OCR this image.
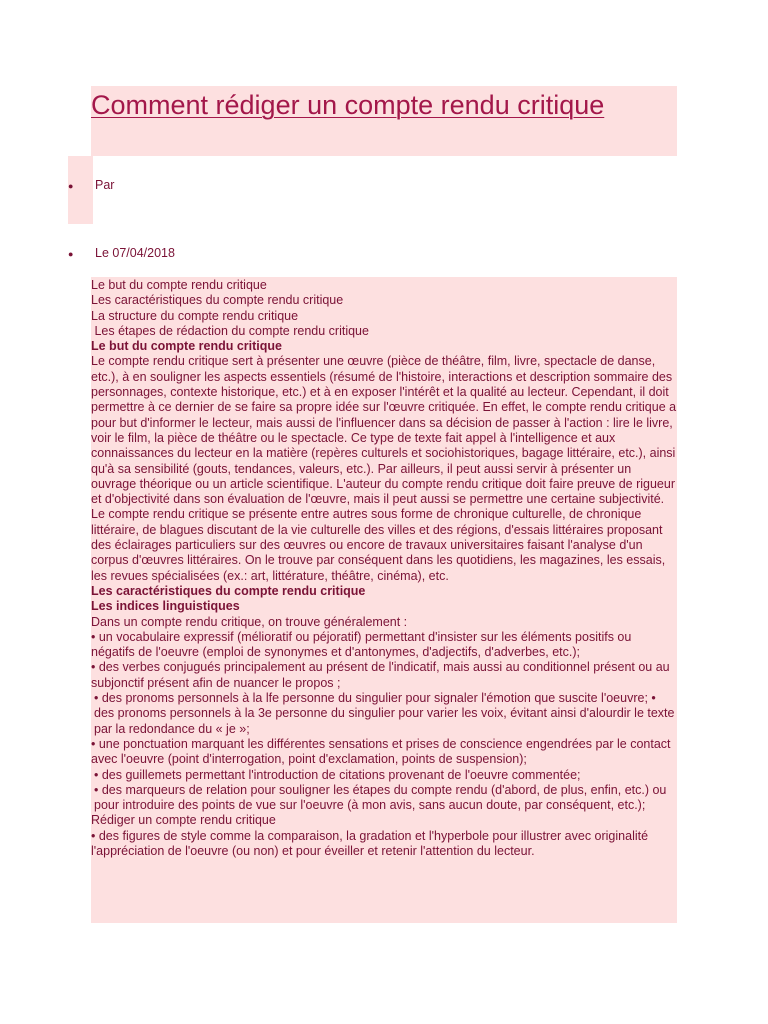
Comment rédiger un compte rendu critique
● Par
● Le 07/04/2018

Le but du compte rendu critique

Les caractéristiques du compte rendu critique

La structure du compte rendu critique

Les étapes de rédaction du compte rendu critique

Le but du compte rendu critique

Le compte rendu critique sert à présenter une œuvre (pièce de théâtre, film, livre, spectacle de danse, etc.), à en souligner les aspects essentiels (résumé de l'histoire, interactions et description sommaire des personnages, contexte historique, etc.) et à en exposer l'intérêt et la qualité au lecteur. Cependant, il doit permettre à ce dernier de se faire sa propre idée sur l'œuvre critiquée. En effet, le compte rendu critique a pour but d'informer le lecteur, mais aussi de l'influencer dans sa décision de passer à l'action : lire le livre, voir le film, la pièce de théâtre ou le spectacle. Ce type de texte fait appel à l'intelligence et aux connaissances du lecteur en la matière (repères culturels et sociohistoriques, bagage littéraire, etc.), ainsi qu'à sa sensibilité (gouts, tendances, valeurs, etc.). Par ailleurs, il peut aussi servir à présenter un ouvrage théorique ou un article scientifique. L'auteur du compte rendu critique doit faire preuve de rigueur et d'objectivité dans son évaluation de l'œuvre, mais il peut aussi se permettre une certaine subjectivité. Le compte rendu critique se présente entre autres sous forme de chronique culturelle, de chronique littéraire, de blagues discutant de la vie culturelle des villes et des régions, d'essais littéraires proposant des éclairages particuliers sur des œuvres ou encore de travaux universitaires faisant l'analyse d'un corpus d'œuvres littéraires. On le trouve par conséquent dans les quotidiens, les magazines, les essais, les revues spécialisées (ex.: art, littérature, théâtre, cinéma), etc.

Les caractéristiques du compte rendu critique

Les indices linguistiques

Dans un compte rendu critique, on trouve généralement :

• un vocabulaire expressif (mélioratif ou péjoratif) permettant d'insister sur les éléments positifs ou négatifs de l'oeuvre (emploi de synonymes et d'antonymes, d'adjectifs, d'adverbes, etc.);

• des verbes conjugués principalement au présent de l'indicatif, mais aussi au conditionnel présent ou au subjonctif présent afin de nuancer le propos ;

• des pronoms personnels à la lfe personne du singulier pour signaler l'émotion que suscite l'oeuvre; • des pronoms personnels à la 3e personne du singulier pour varier les voix, évitant ainsi d'alourdir le texte par la redondance du « je »;

• une ponctuation marquant les différentes sensations et prises de conscience engendrées par le contact avec l'oeuvre (point d'interrogation, point d'exclamation, points de suspension);

• des guillemets permettant l'introduction de citations provenant de l'oeuvre commentée;

• des marqueurs de relation pour souligner les étapes du compte rendu (d'abord, de plus, enfin, etc.) ou pour introduire des points de vue sur l'oeuvre (à mon avis, sans aucun doute, par conséquent, etc.);

Rédiger un compte rendu critique

• des figures de style comme la comparaison, la gradation et l'hyperbole pour illustrer avec originalité l'appréciation de l'oeuvre (ou non) et pour éveiller et retenir l'attention du lecteur.
